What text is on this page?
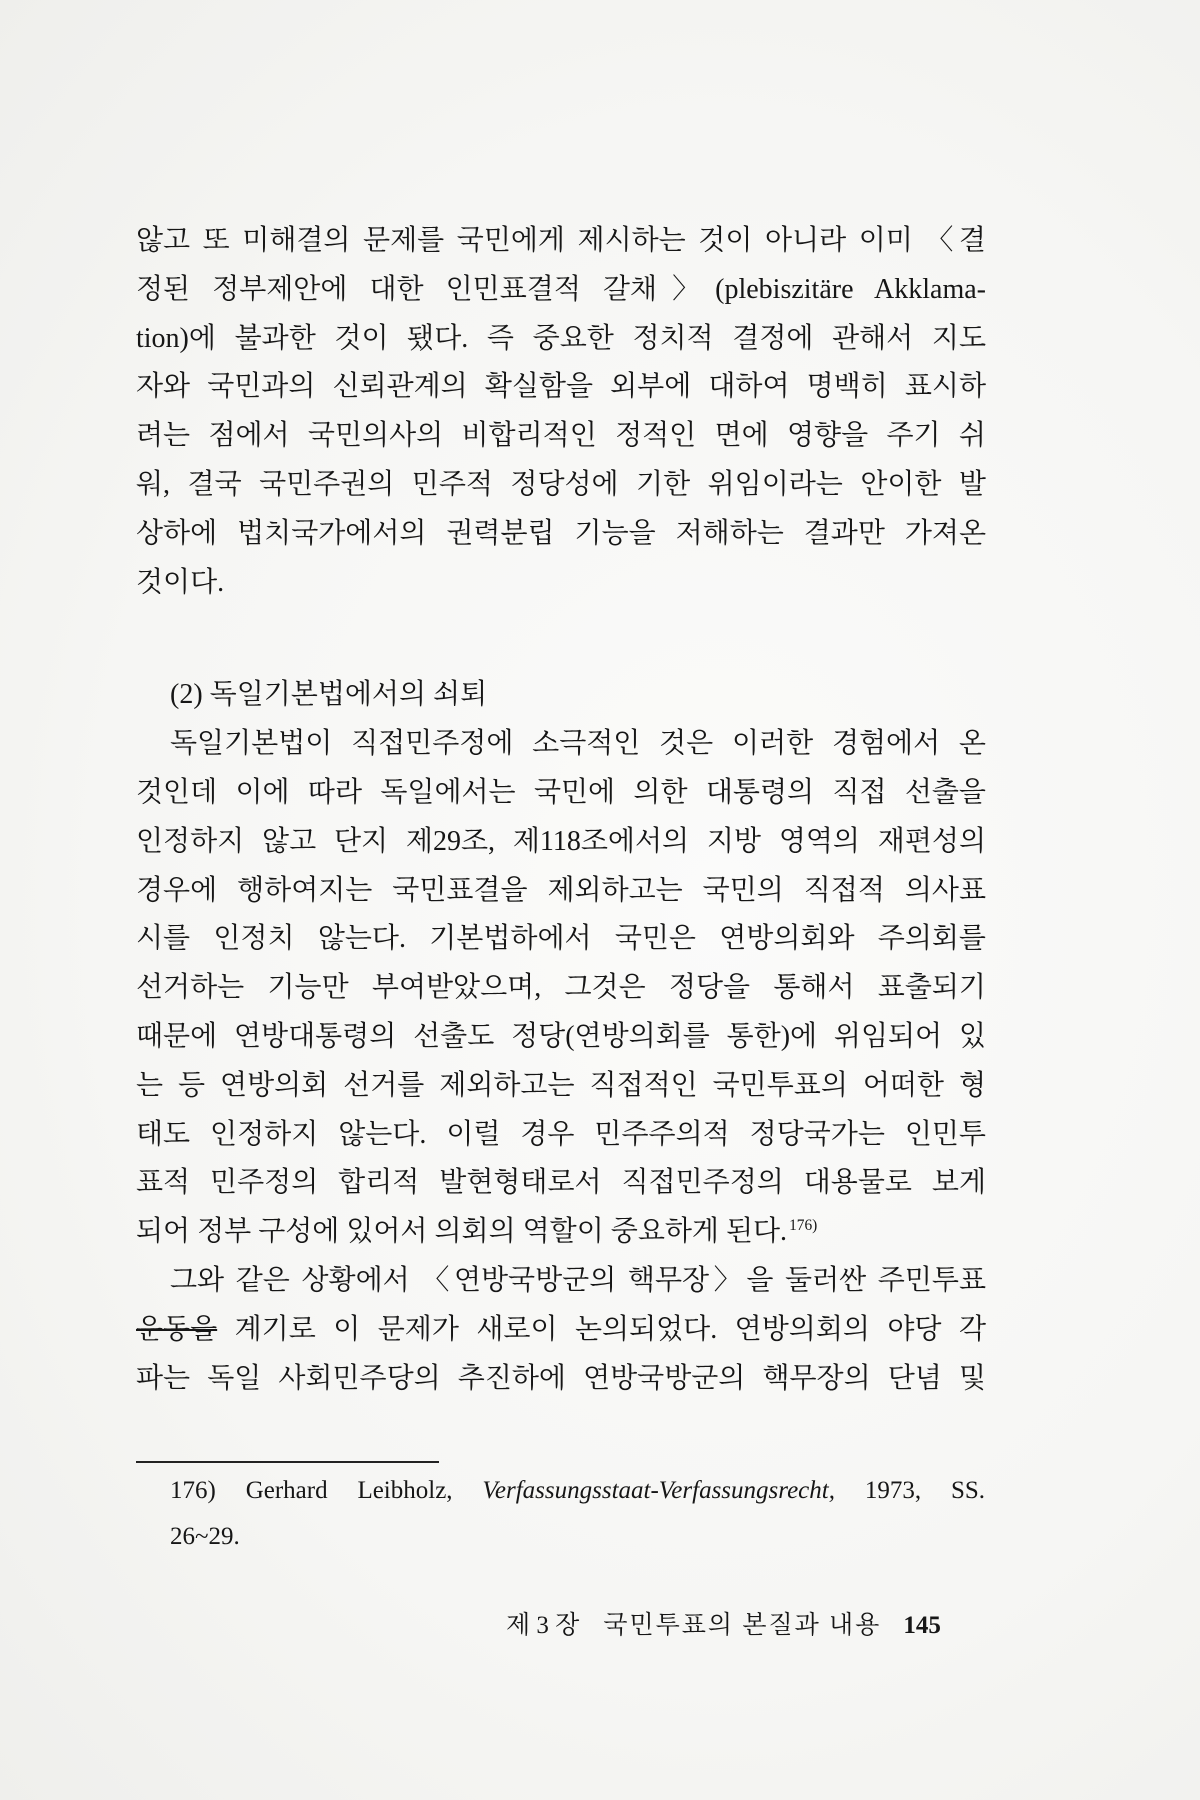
않고 또 미해결의 문제를 국민에게 제시하는 것이 아니라 이미 〈결
정된 정부제안에 대한 인민표결적 갈채〉(plebiszitäre Akklama-
tion)에 불과한 것이 됐다. 즉 중요한 정치적 결정에 관해서 지도
자와 국민과의 신뢰관계의 확실함을 외부에 대하여 명백히 표시하
려는 점에서 국민의사의 비합리적인 정적인 면에 영향을 주기 쉬
워, 결국 국민주권의 민주적 정당성에 기한 위임이라는 안이한 발
상하에 법치국가에서의 권력분립 기능을 저해하는 결과만 가져온
것이다.
(2) 독일기본법에서의 쇠퇴
독일기본법이 직접민주정에 소극적인 것은 이러한 경험에서 온
것인데 이에 따라 독일에서는 국민에 의한 대통령의 직접 선출을
인정하지 않고 단지 제29조, 제118조에서의 지방 영역의 재편성의
경우에 행하여지는 국민표결을 제외하고는 국민의 직접적 의사표
시를 인정치 않는다. 기본법하에서 국민은 연방의회와 주의회를
선거하는 기능만 부여받았으며, 그것은 정당을 통해서 표출되기
때문에 연방대통령의 선출도 정당(연방의회를 통한)에 위임되어 있
는 등 연방의회 선거를 제외하고는 직접적인 국민투표의 어떠한 형
태도 인정하지 않는다. 이럴 경우 민주주의적 정당국가는 인민투
표적 민주정의 합리적 발현형태로서 직접민주정의 대용물로 보게
되어 정부 구성에 있어서 의회의 역할이 중요하게 된다. $^{176)}$
그와 같은 상황에서 〈연방국방군의 핵무장〉을 둘러싼 주민투표
운동을 계기로 이 문제가 새로이 논의되었다. 연방의회의 야당 각
파는 독일 사회민주당의 추진하에 연방국방군의 핵무장의 단념 및
176) Gerhard Leibholz, Verfassungsstaat-Verfassungsrecht, 1973, SS.
26~29.
제 3 장 국민투표의 본질과 내용 145
